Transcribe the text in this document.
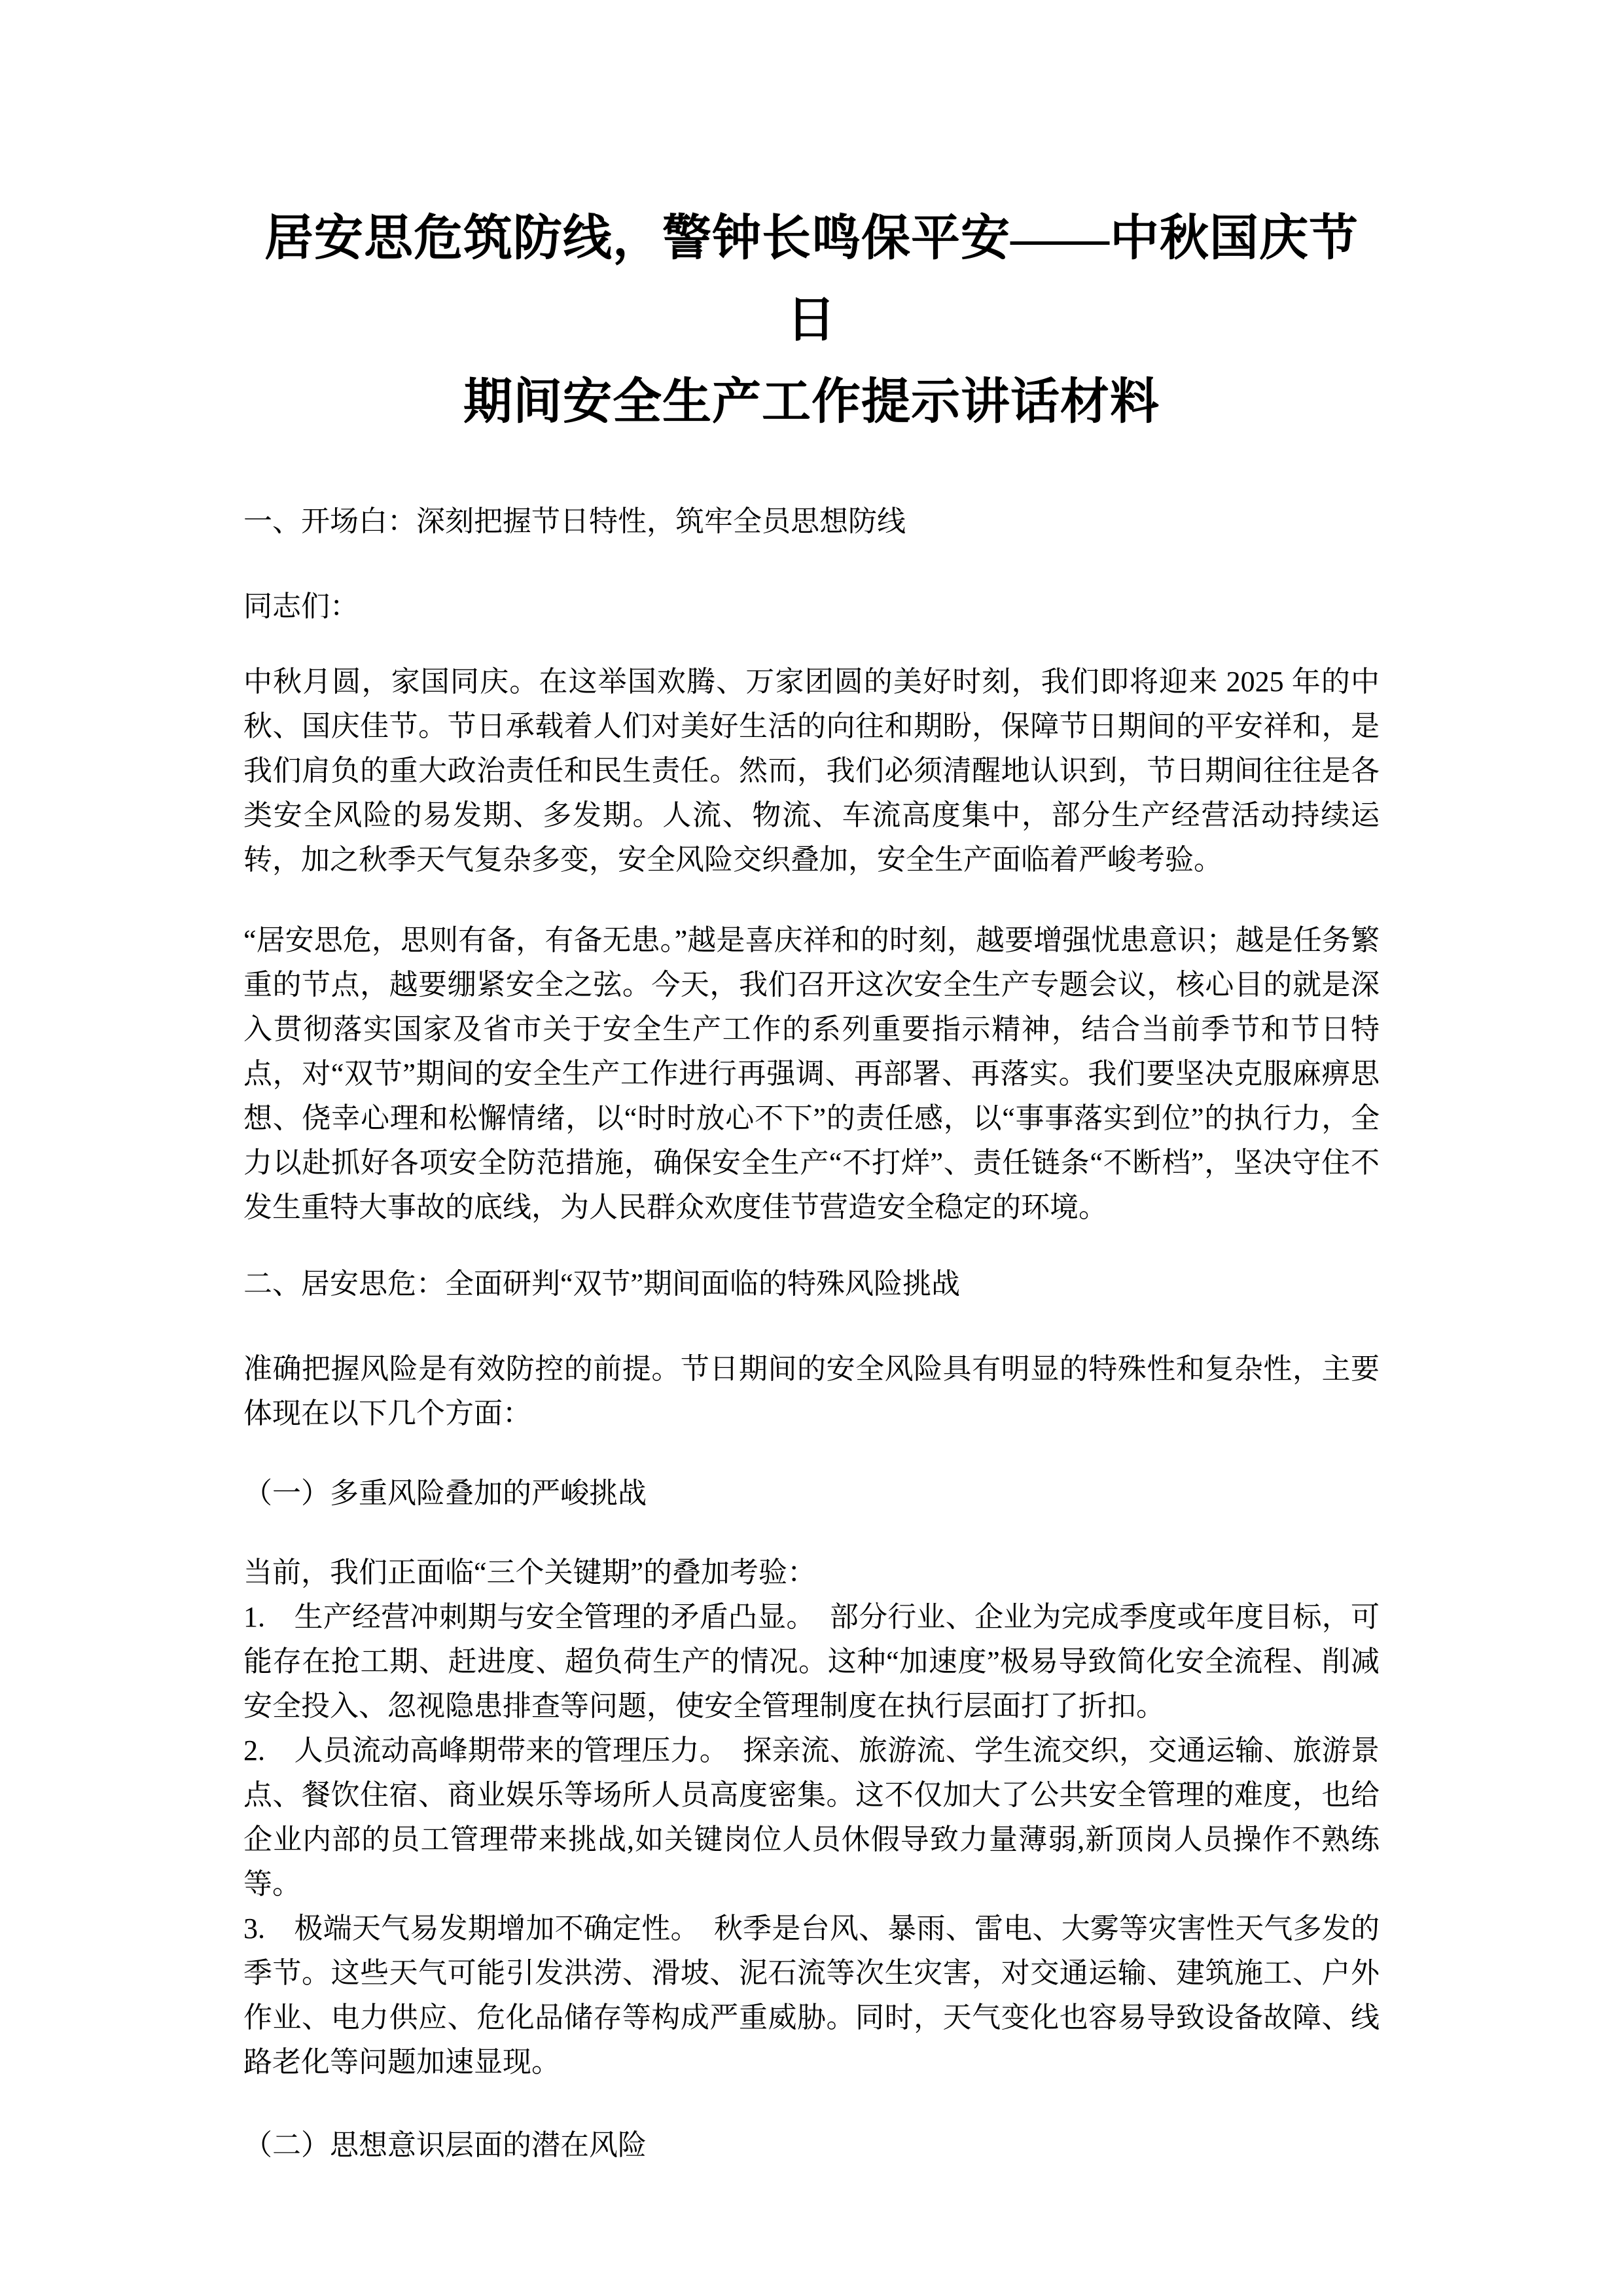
居安思危筑防线，警钟长鸣保平安——中秋国庆节日
期间安全生产工作提示讲话材料

一、开场白：深刻把握节日特性，筑牢全员思想防线

同志们：

中秋月圆，家国同庆。在这举国欢腾、万家团圆的美好时刻，我们即将迎来 2025 年的中秋、国庆佳节。节日承载着人们对美好生活的向往和期盼，保障节日期间的平安祥和，是我们肩负的重大政治责任和民生责任。然而，我们必须清醒地认识到，节日期间往往是各类安全风险的易发期、多发期。人流、物流、车流高度集中，部分生产经营活动持续运转，加之秋季天气复杂多变，安全风险交织叠加，安全生产面临着严峻考验。

“居安思危，思则有备，有备无患。”越是喜庆祥和的时刻，越要增强忧患意识；越是任务繁重的节点，越要绷紧安全之弦。今天，我们召开这次安全生产专题会议，核心目的就是深入贯彻落实国家及省市关于安全生产工作的系列重要指示精神，结合当前季节和节日特点，对“双节”期间的安全生产工作进行再强调、再部署、再落实。我们要坚决克服麻痹思想、侥幸心理和松懈情绪，以“时时放心不下”的责任感，以“事事落实到位”的执行力，全力以赴抓好各项安全防范措施，确保安全生产“不打烊”、责任链条“不断档”，坚决守住不发生重特大事故的底线，为人民群众欢度佳节营造安全稳定的环境。

二、居安思危：全面研判“双节”期间面临的特殊风险挑战

准确把握风险是有效防控的前提。节日期间的安全风险具有明显的特殊性和复杂性，主要体现在以下几个方面：

（一）多重风险叠加的严峻挑战

当前，我们正面临“三个关键期”的叠加考验：

1.　生产经营冲刺期与安全管理的矛盾凸显。　部分行业、企业为完成季度或年度目标，可能存在抢工期、赶进度、超负荷生产的情况。这种“加速度”极易导致简化安全流程、削减安全投入、忽视隐患排查等问题，使安全管理制度在执行层面打了折扣。

2.　人员流动高峰期带来的管理压力。　探亲流、旅游流、学生流交织，交通运输、旅游景点、餐饮住宿、商业娱乐等场所人员高度密集。这不仅加大了公共安全管理的难度，也给企业内部的员工管理带来挑战,如关键岗位人员休假导致力量薄弱,新顶岗人员操作不熟练等。

3.　极端天气易发期增加不确定性。　秋季是台风、暴雨、雷电、大雾等灾害性天气多发的季节。这些天气可能引发洪涝、滑坡、泥石流等次生灾害，对交通运输、建筑施工、户外作业、电力供应、危化品储存等构成严重威胁。同时，天气变化也容易导致设备故障、线路老化等问题加速显现。

（二）思想意识层面的潜在风险
